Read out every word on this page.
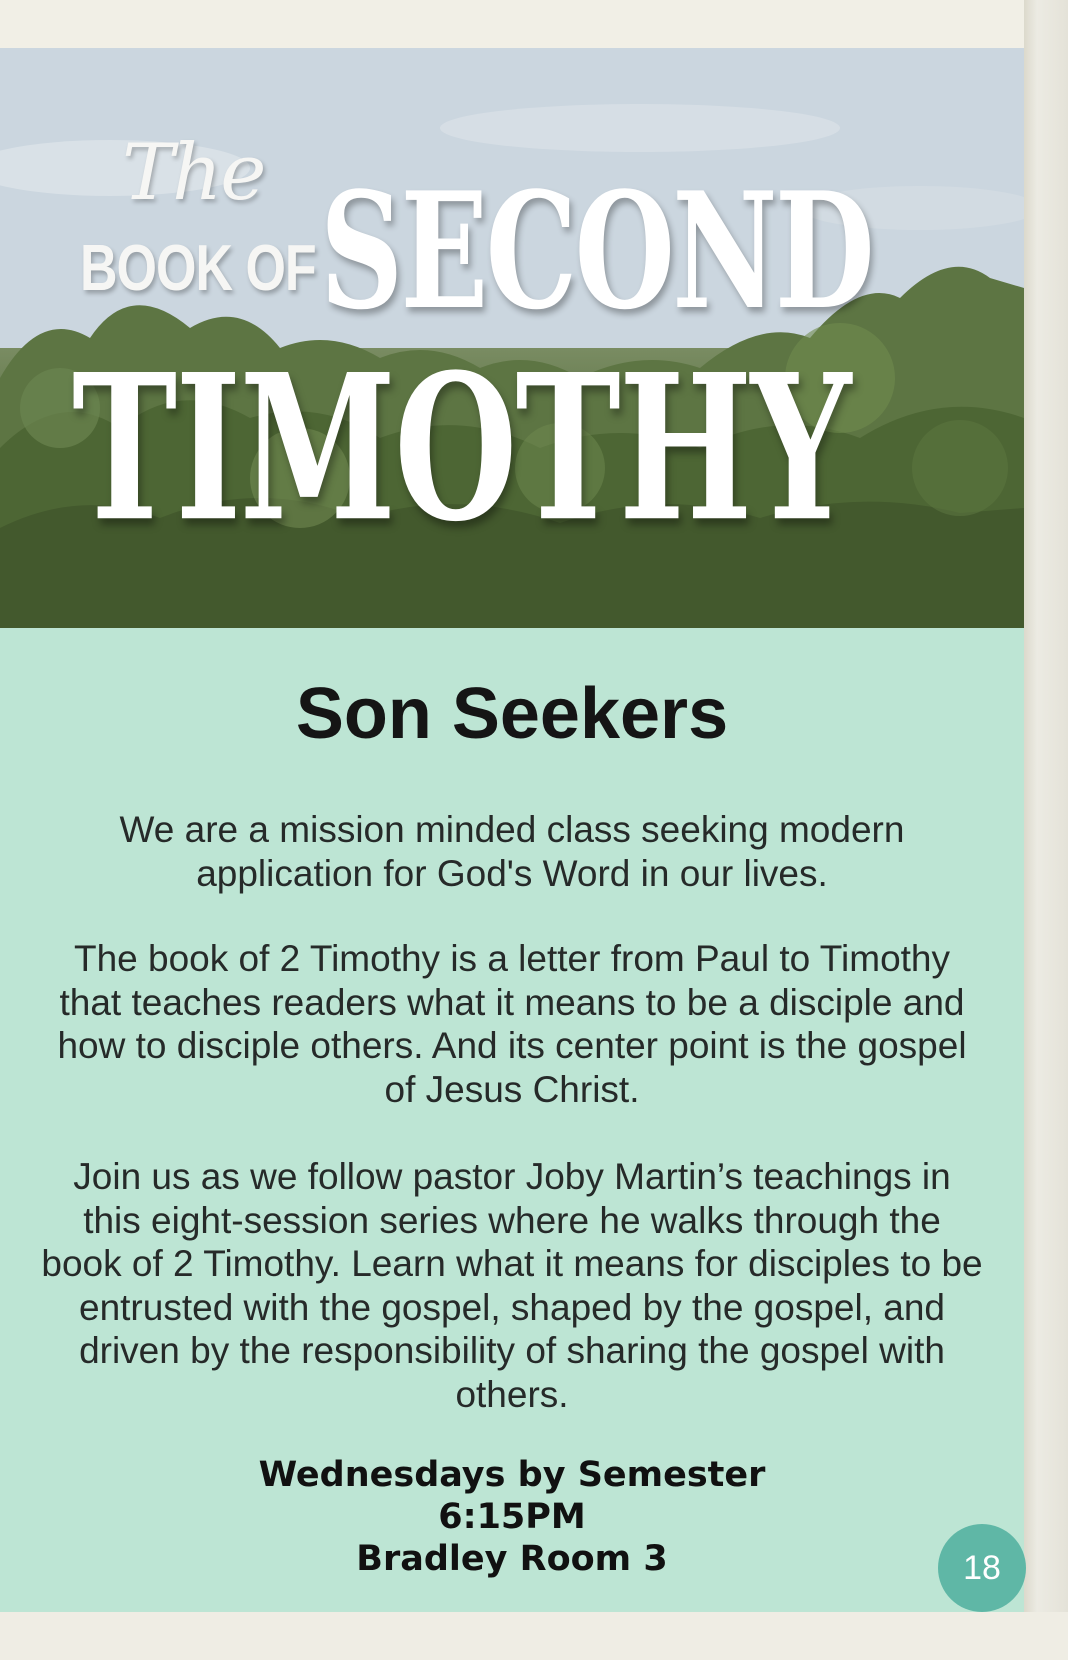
The
BOOK OF SECOND
TIMOTHY
Son Seekers

We are a mission minded class seeking modern application for God's Word in our lives.

The book of 2 Timothy is a letter from Paul to Timothy that teaches readers what it means to be a disciple and how to disciple others. And its center point is the gospel of Jesus Christ.

Join us as we follow pastor Joby Martin’s teachings in this eight-session series where he walks through the book of 2 Timothy. Learn what it means for disciples to be entrusted with the gospel, shaped by the gospel, and driven by the responsibility of sharing the gospel with others.

Wednesdays by Semester
6:15PM
Bradley Room 3	18
